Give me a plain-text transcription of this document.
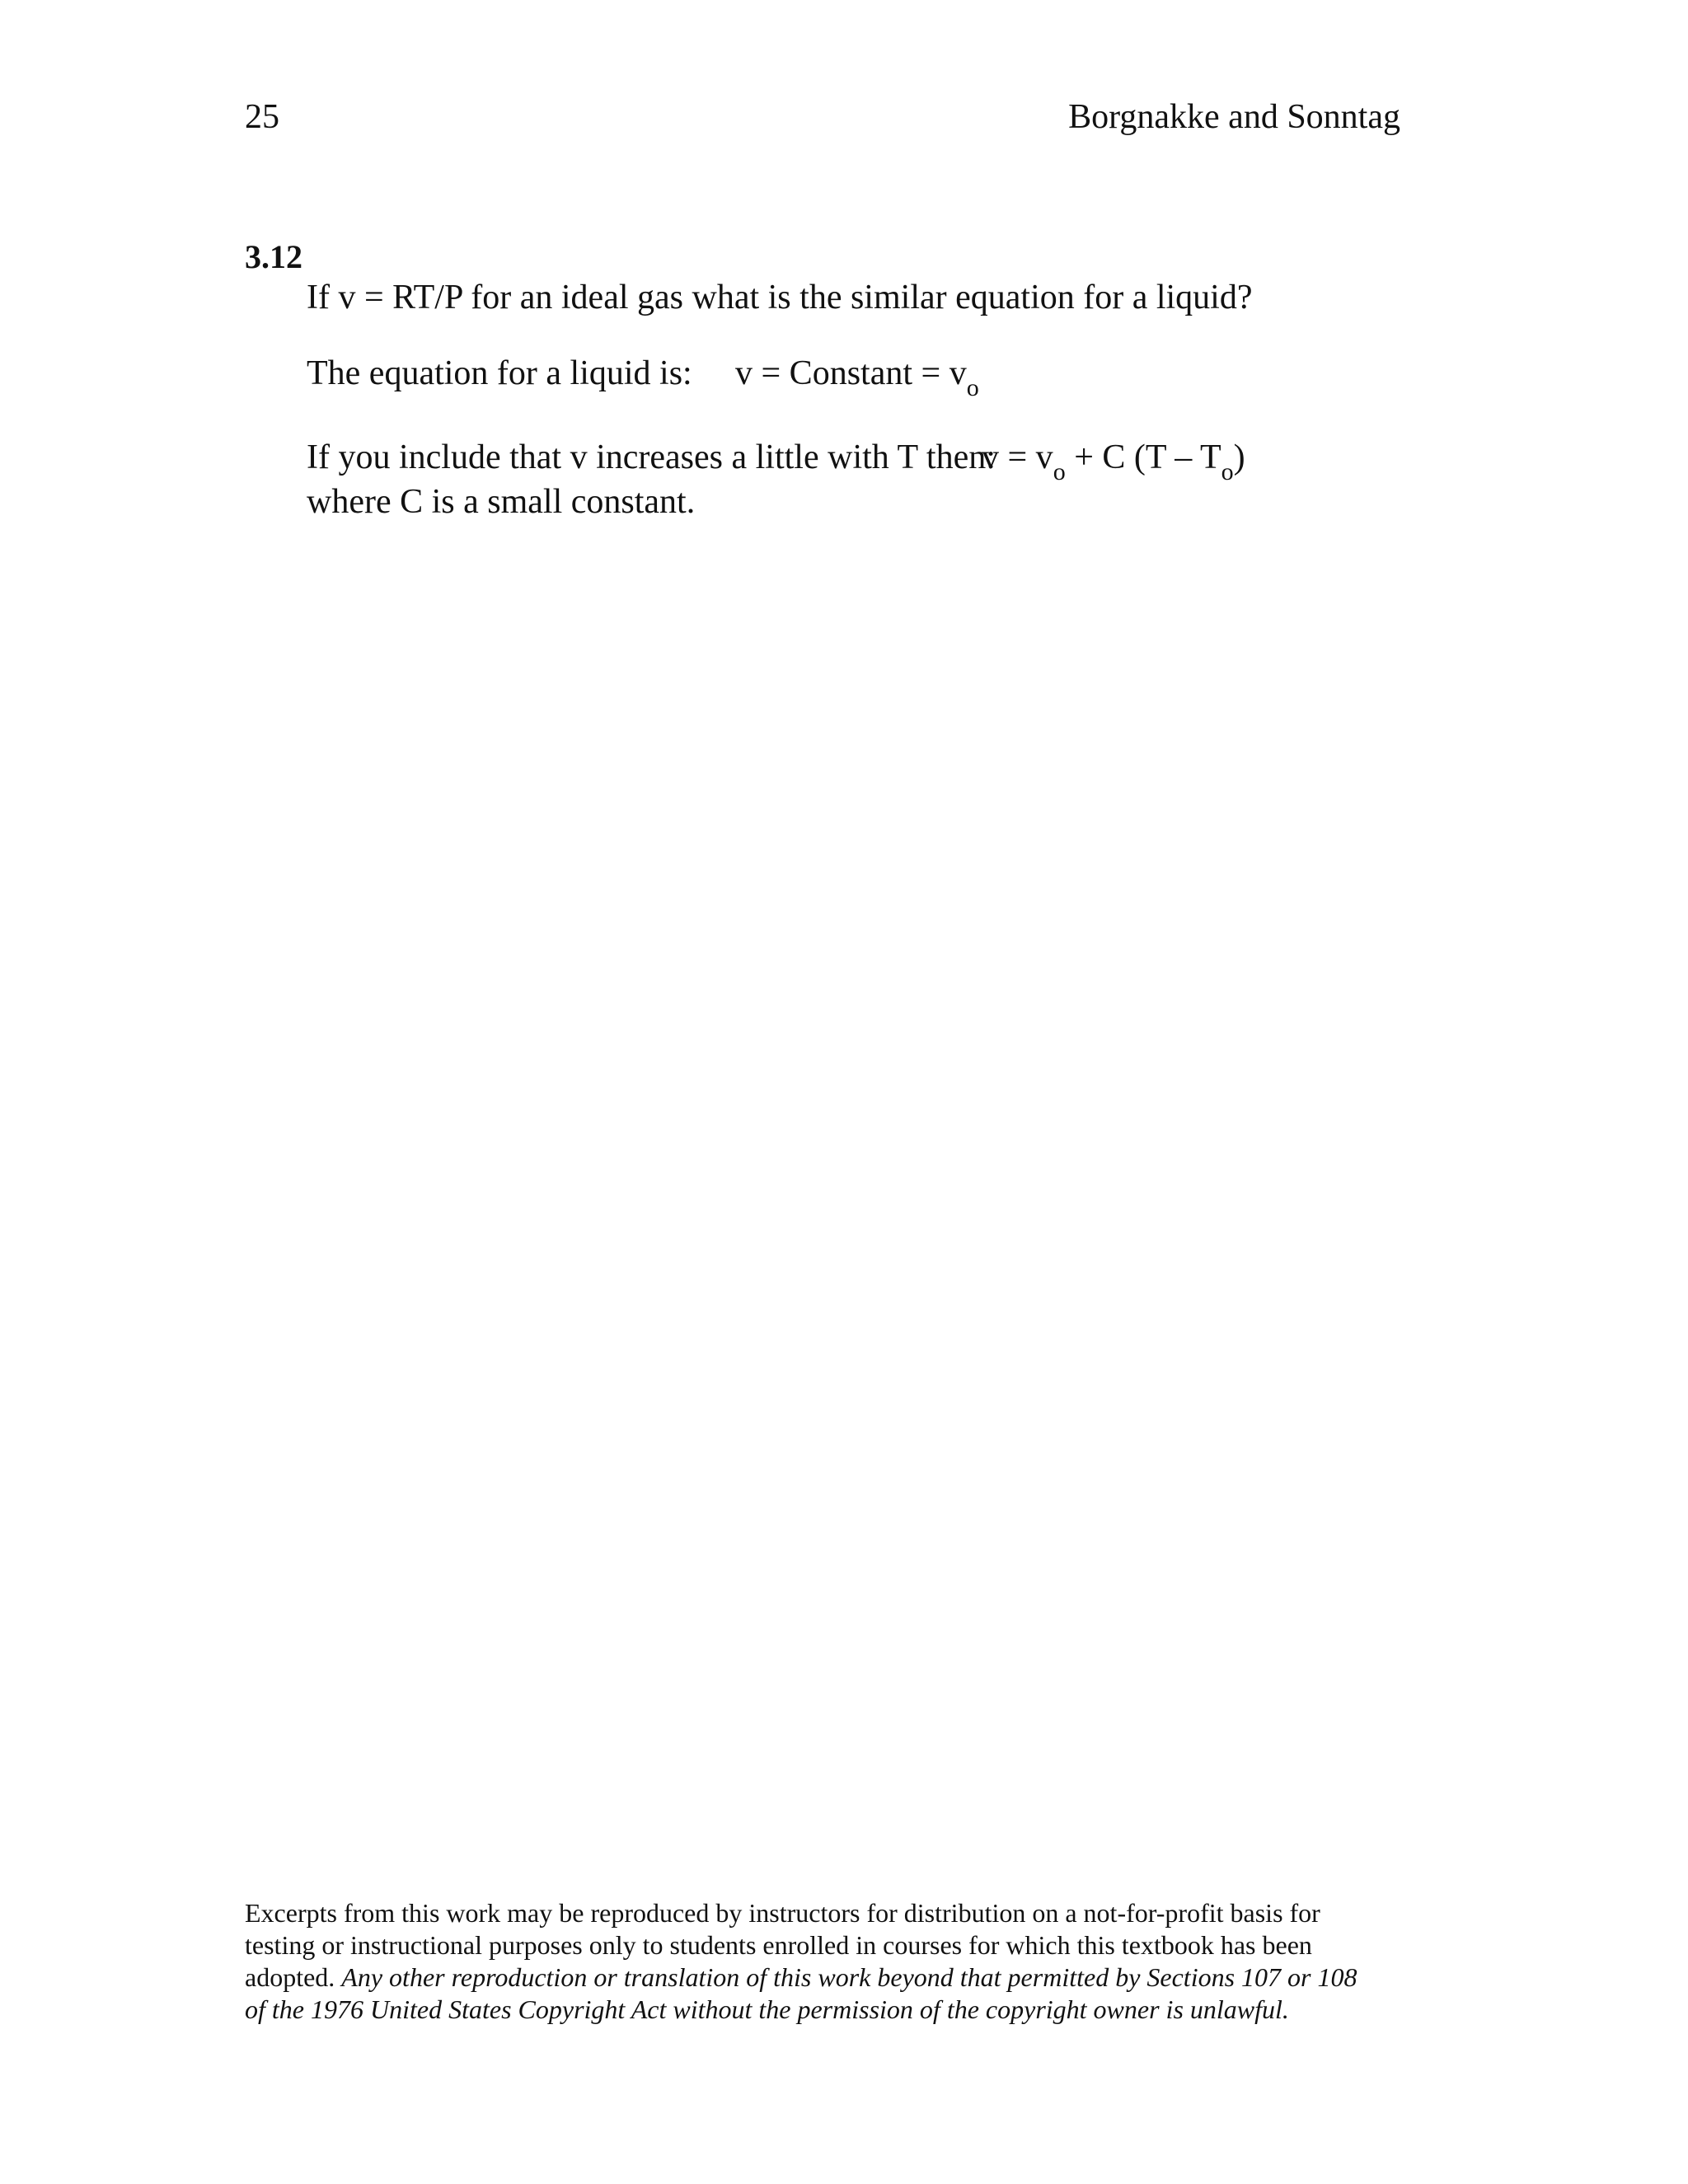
25	Borgnakke and Sonntag
3.12
If v = RT/P for an ideal gas what is the similar equation for a liquid?
The equation for a liquid is: v = Constant = $v_o$
If you include that v increases a little with T then:
$v = v_o + C$ $(T - T_o)$
where C is a small constant.
Excerpts from this work may be reproduced by instructors for distribution on a not-for-profit basis for
testing or instructional purposes only to students enrolled in courses for which this textbook has been
adopted. Any other reproduction or translation of this work beyond that permitted by Sections 107 or 108
of the 1976 United States Copyright Act without the permission of the copyright owner is unlawful.
